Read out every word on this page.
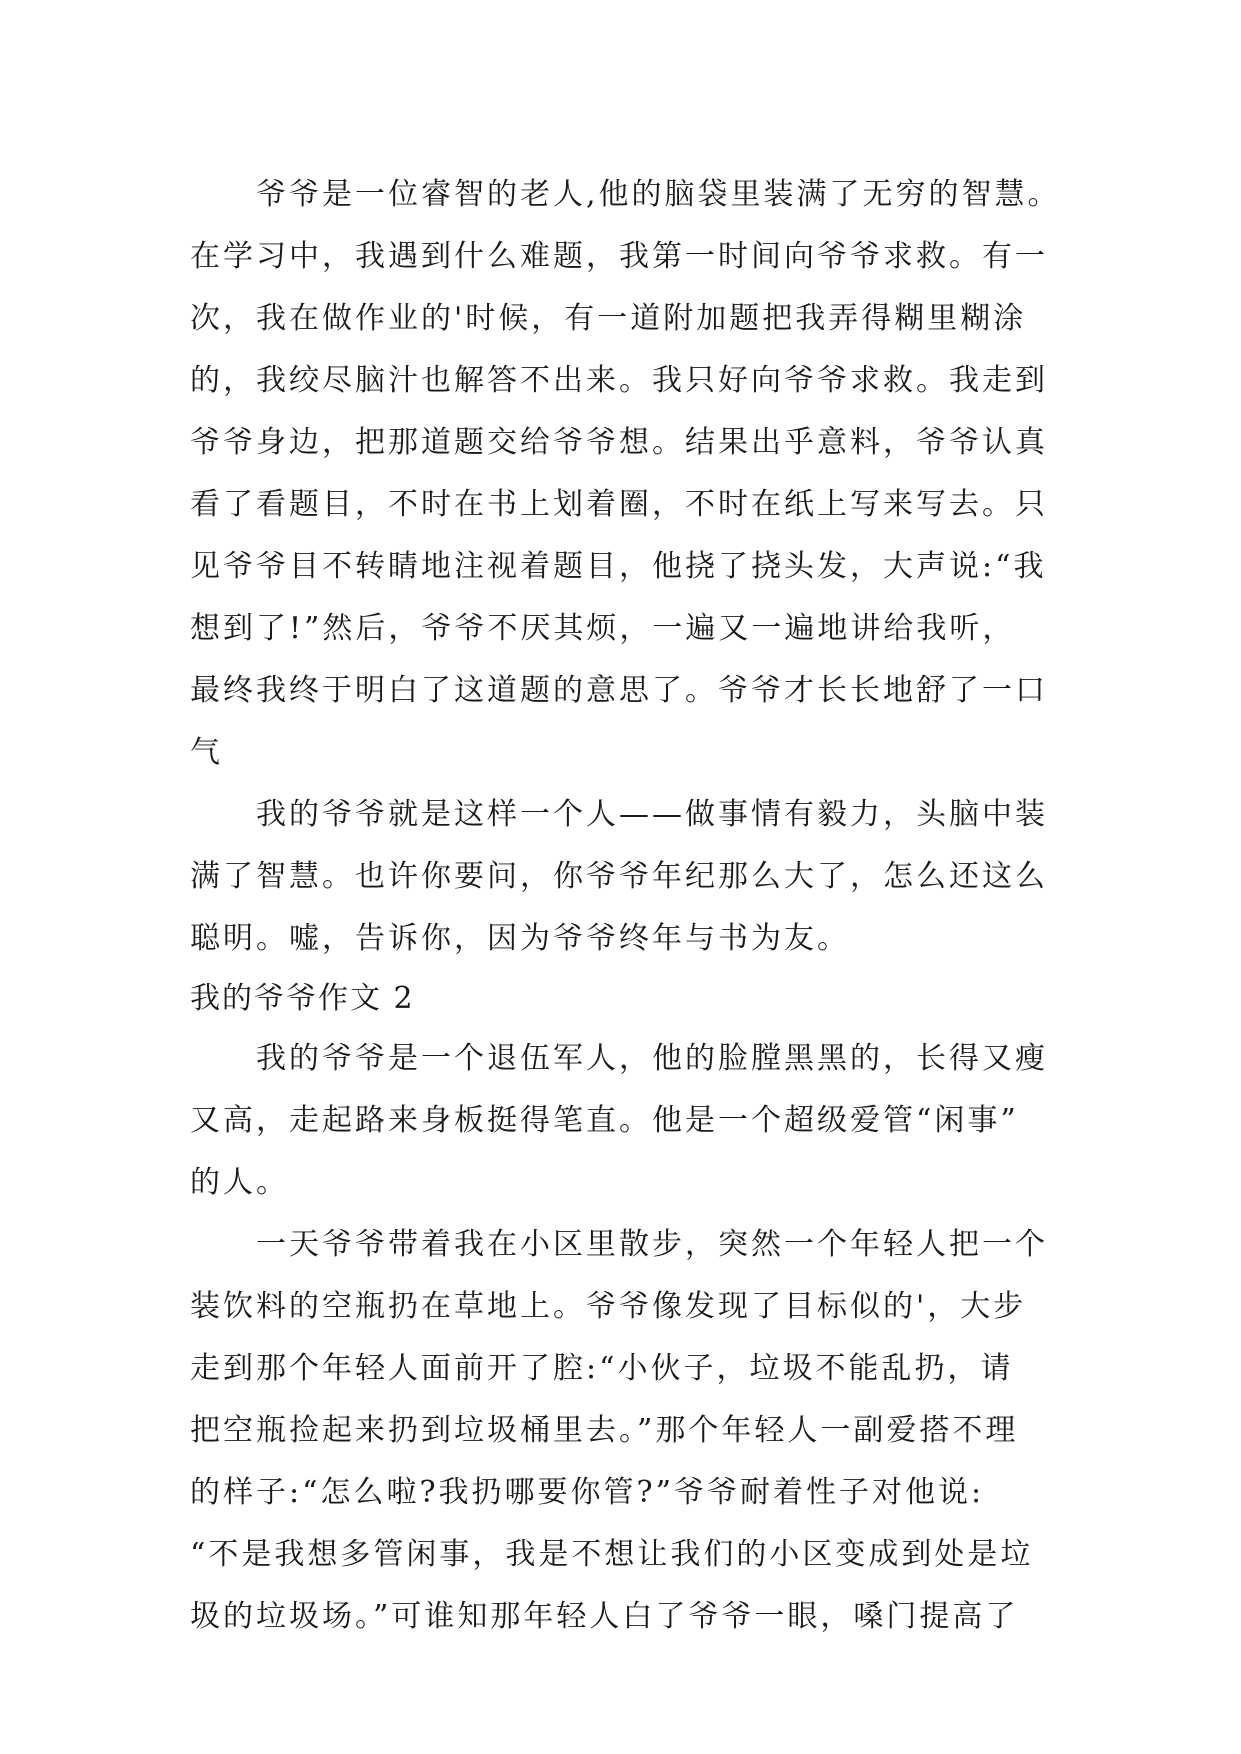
爷爷是一位睿智的老人,他的脑袋里装满了无穷的智慧。
在学习中，我遇到什么难题，我第一时间向爷爷求救。有一
次，我在做作业的'时候，有一道附加题把我弄得糊里糊涂
的，我绞尽脑汁也解答不出来。我只好向爷爷求救。我走到
爷爷身边，把那道题交给爷爷想。结果出乎意料，爷爷认真
看了看题目，不时在书上划着圈，不时在纸上写来写去。只
见爷爷目不转睛地注视着题目，他挠了挠头发，大声说:“我
想到了!”然后，爷爷不厌其烦，一遍又一遍地讲给我听，
最终我终于明白了这道题的意思了。爷爷才长长地舒了一口
气
我的爷爷就是这样一个人——做事情有毅力，头脑中装
满了智慧。也许你要问，你爷爷年纪那么大了，怎么还这么
聪明。嘘，告诉你，因为爷爷终年与书为友。
我的爷爷作文 2
我的爷爷是一个退伍军人，他的脸膛黑黑的，长得又瘦
又高，走起路来身板挺得笔直。他是一个超级爱管“闲事”
的人。
一天爷爷带着我在小区里散步，突然一个年轻人把一个
装饮料的空瓶扔在草地上。爷爷像发现了目标似的'，大步
走到那个年轻人面前开了腔:“小伙子，垃圾不能乱扔，请
把空瓶捡起来扔到垃圾桶里去。”那个年轻人一副爱搭不理
的样子:“怎么啦?我扔哪要你管?”爷爷耐着性子对他说:
“不是我想多管闲事，我是不想让我们的小区变成到处是垃
圾的垃圾场。”可谁知那年轻人白了爷爷一眼，嗓门提高了
